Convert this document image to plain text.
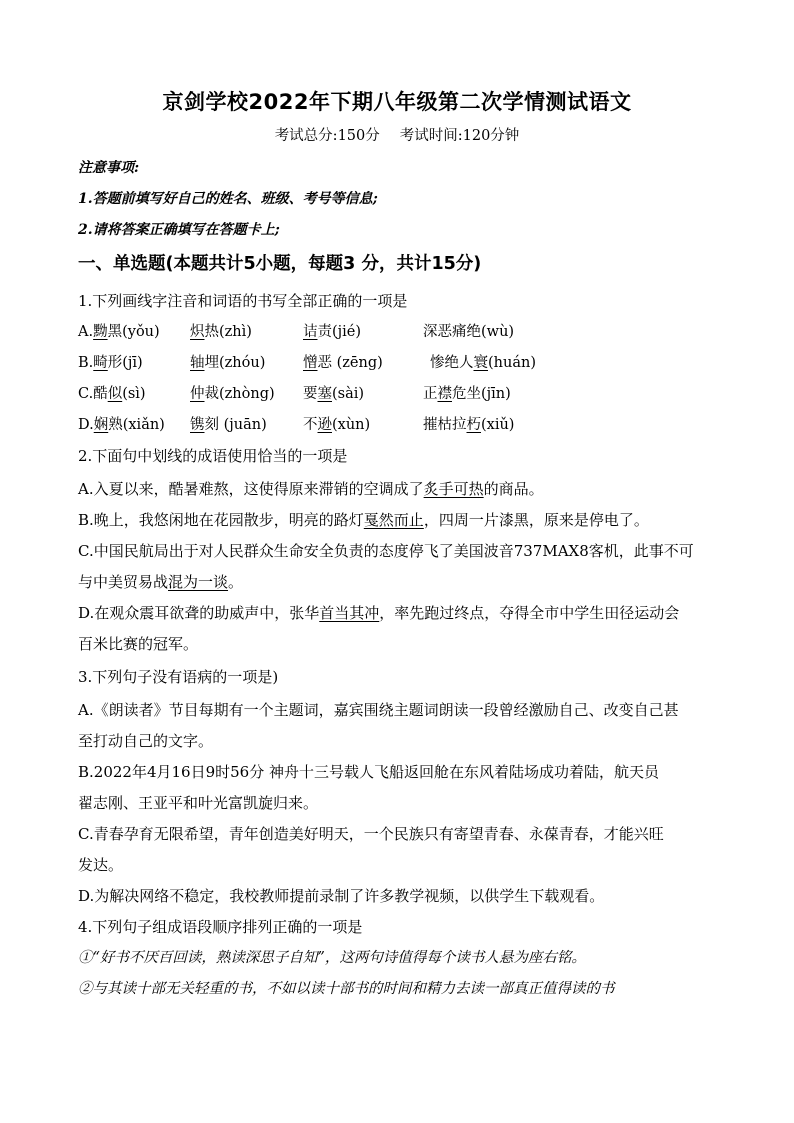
京剑学校2022年下期八年级第二次学情测试语文
考试总分:150分 考试时间:120分钟
注意事项:
1.答题前填写好自己的姓名、班级、考号等信息;
2.请将答案正确填写在答题卡上;
一、单选题(本题共计5小题，每题3 分，共计15分)
1.下列画线字注音和词语的书写全部正确的一项是
A.黝黑(yǒu) 炽热(zhì)	诘责(jié)	深恶痛绝(wù)
B.畸形(jī)	轴埋(zhóu)	憎恶 (zēng)	惨绝人寰(huán)
C.酷似(sì)	仲裁(zhòng) 要塞(sài)	正襟危坐(jīn)
D.娴熟(xiǎn) 镌刻 (juān)	不逊(xùn)	摧枯拉朽(xiǔ)
2.下面句中划线的成语使用恰当的一项是
A.入夏以来，酷暑难熬，这使得原来滞销的空调成了炙手可热的商品。
B.晚上，我悠闲地在花园散步，明亮的路灯戛然而止，四周一片漆黑，原来是停电了。
C.中国民航局出于对人民群众生命安全负责的态度停飞了美国波音737MAX8客机，此事不可
与中美贸易战混为一谈。
D.在观众震耳欲聋的助威声中，张华首当其冲，率先跑过终点，夺得全市中学生田径运动会
百米比赛的冠军。
3.下列句子没有语病的一项是)
A.《朗读者》节目每期有一个主题词，嘉宾围绕主题词朗读一段曾经激励自己、改变自己甚
至打动自己的文字。
B.2022年4月16日9时56分 神舟十三号载人飞船返回舱在东风着陆场成功着陆，航天员
翟志刚、王亚平和叶光富凯旋归来。
C.青春孕育无限希望，青年创造美好明天，一个民族只有寄望青春、永葆青春，才能兴旺
发达。
D.为解决网络不稳定，我校教师提前录制了许多教学视频，以供学生下载观看。
4.下列句子组成语段顺序排列正确的一项是
①“好书不厌百回读，熟读深思子自知”，这两句诗值得每个读书人悬为座右铭。
②与其读十部无关轻重的书，不如以读十部书的时间和精力去读一部真正值得读的书
